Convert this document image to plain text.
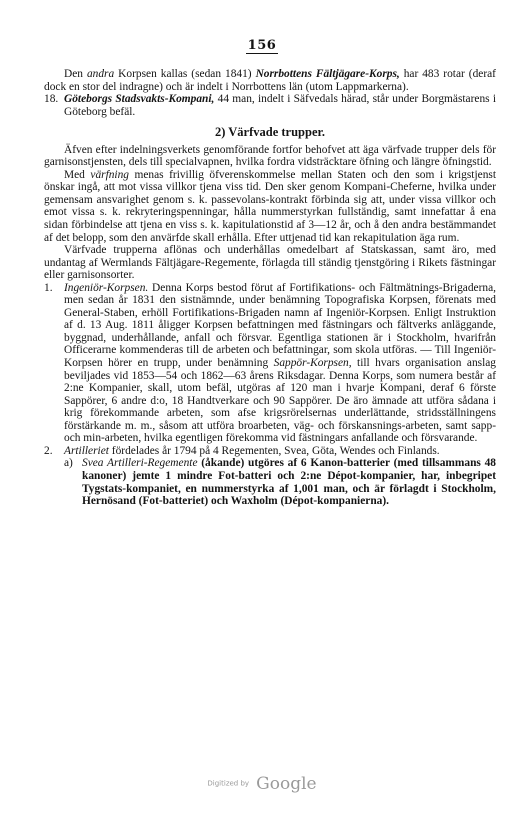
156

Den andra Korpsen kallas (sedan 1841) Norrbottens Fältjägare-Korps, har 483 rotar (deraf dock en stor del indragne) och är indelt i Norrbottens län (utom Lappmarkerna).

18. Göteborgs Stadsvakts-Kompani, 44 man, indelt i Säfvedals härad, står under Borgmästarens i Göteborg befäl.

2) Värfvade trupper.

Äfven efter indelningsverkets genomförande fortfor behofvet att äga värfvade trupper dels för garnisonstjensten, dels till specialvapnen, hvilka fordra vidsträcktare öfning och längre öfningstid.

Med värfning menas frivillig öfverenskommelse mellan Staten och den som i krigstjenst önskar ingå, att mot vissa villkor tjena viss tid. Den sker genom Kompani-Cheferne, hvilka under gemensam ansvarighet genom s. k. passevolans-kontrakt förbinda sig att, under vissa villkor och emot vissa s. k. rekryteringspenningar, hålla nummerstyrkan fullständig, samt innefattar å ena sidan förbindelse att tjena en viss s. k. kapitulationstid af 3—12 år, och å den andra bestämmandet af det belopp, som den anvärfde skall erhålla. Efter uttjenad tid kan rekapitulation äga rum.

Värfvade trupperna aflönas och underhållas omedelbart af Statskassan, samt äro, med undantag af Wermlands Fältjägare-Regemente, förlagda till ständig tjenstgöring i Rikets fästningar eller garnisonsorter.

1.	Ingeniör-Korpsen. Denna Korps bestod förut af Fortifikations- och Fältmätnings-Brigaderna, men sedan år 1831 den sistnämnde, under benämning Topografiska Korpsen, förenats med General-Staben, erhöll Fortifikations-Brigaden namn af Ingeniör-Korpsen. Enligt Instruktion af d. 13 Aug. 1811 åligger Korpsen befattningen med fästningars och fältverks anläggande, byggnad, underhållande, anfall och försvar. Egentliga stationen är i Stockholm, hvarifrån Officerarne kommenderas till de arbeten och befattningar, som skola utföras. — Till Ingeniör-Korpsen hörer en trupp, under benämning Sappör-Korpsen, till hvars organisation anslag beviljades vid 1853—54 och 1862—63 årens Riksdagar. Denna Korps, som numera består af 2:ne Kompanier, skall, utom befäl, utgöras af 120 man i hvarje Kompani, deraf 6 förste Sappörer, 6 andre d:o, 18 Handtverkare och 90 Sappörer. De äro ämnade att utföra sådana i krig förekommande arbeten, som afse krigsrörelsernas underlättande, stridsställningens förstärkande m. m., såsom att utföra broarbeten, väg- och förskansnings-arbeten, samt sapp- och min-arbeten, hvilka egentligen förekomma vid fästningars anfallande och försvarande.
2.	Artilleriet fördelades år 1794 på 4 Regementen, Svea, Göta, Wendes och Finlands.
a) Svea Artilleri-Regemente (åkande) utgöres af 6 Kanon-batterier (med tillsammans 48 kanoner) jemte 1 mindre Fot-batteri och 2:ne Dépot-kompanier, har, inbegripet Tygstats-kompaniet, en nummerstyrka af 1,001 man, och är förlagdt i Stockholm, Hernösand (Fot-batteriet) och Waxholm (Dépot-kompanierna).
Digitized by Google
